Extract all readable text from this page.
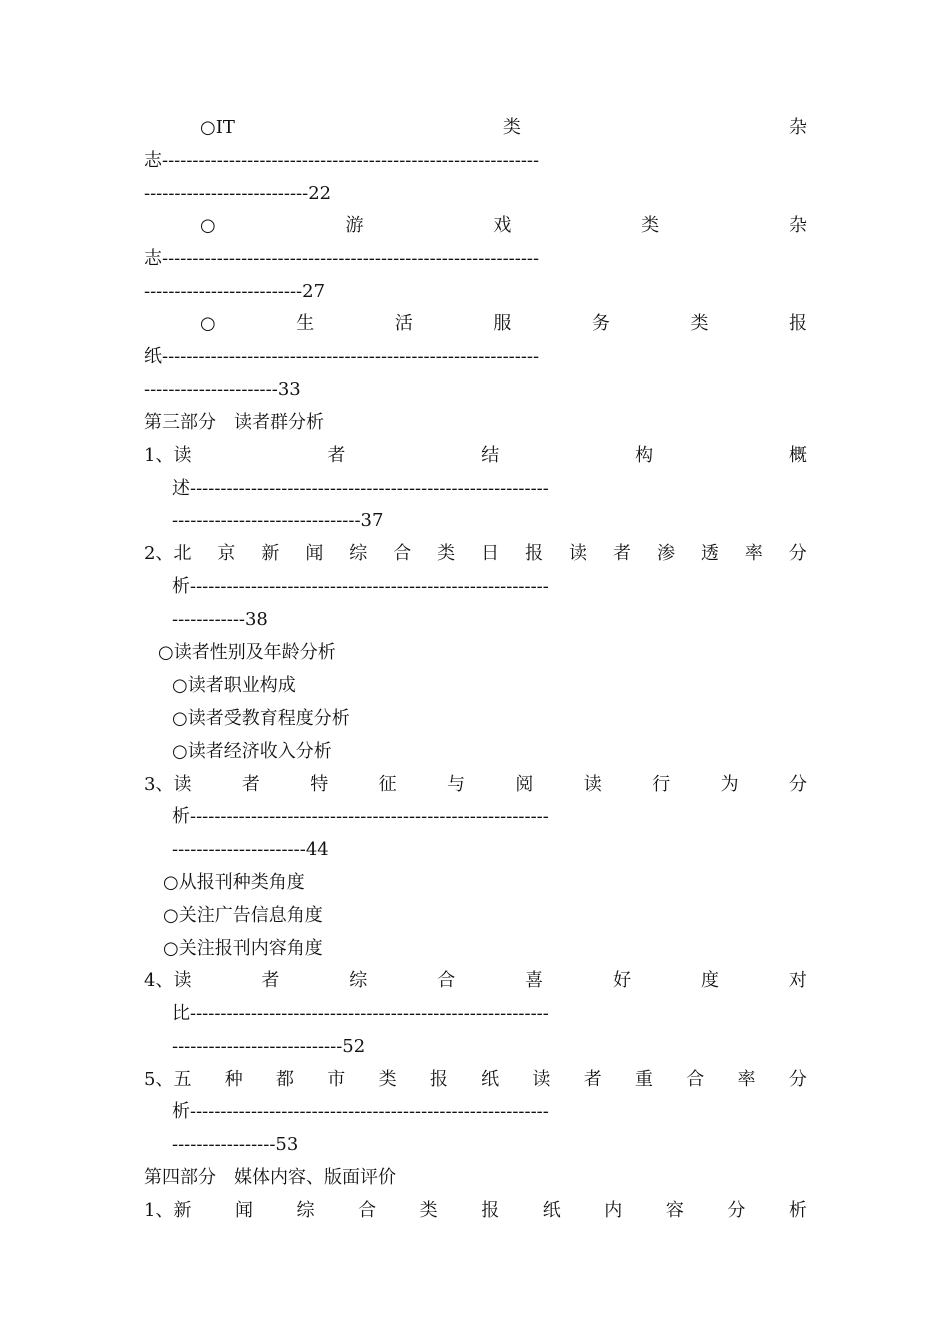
○IT	类	杂
志--------------------------------------------------------------
---------------------------22
○	游	戏	类	杂
志--------------------------------------------------------------
--------------------------27
○	生	活	服	务	类	报
纸--------------------------------------------------------------
----------------------33
第三部分　读者群分析
1、读	者	结	构	概
述-----------------------------------------------------------
-------------------------------37
2、北 京 新 闻 综 合 类 日 报 读 者 渗 透 率 分
析-----------------------------------------------------------
------------38
○读者性别及年龄分析
○读者职业构成
○读者受教育程度分析
○读者经济收入分析
3、读	者	特	征	与	阅	读	行	为	分
析-----------------------------------------------------------
----------------------44
○从报刊种类角度
○关注广告信息角度
○关注报刊内容角度
4、读	者	综	合	喜	好	度	对
比-----------------------------------------------------------
----------------------------52
5、五 种 都 市 类 报 纸 读 者 重 合 率 分
析-----------------------------------------------------------
-----------------53
第四部分　媒体内容、版面评价
1、新 闻 综 合 类 报 纸 内 容 分 析
